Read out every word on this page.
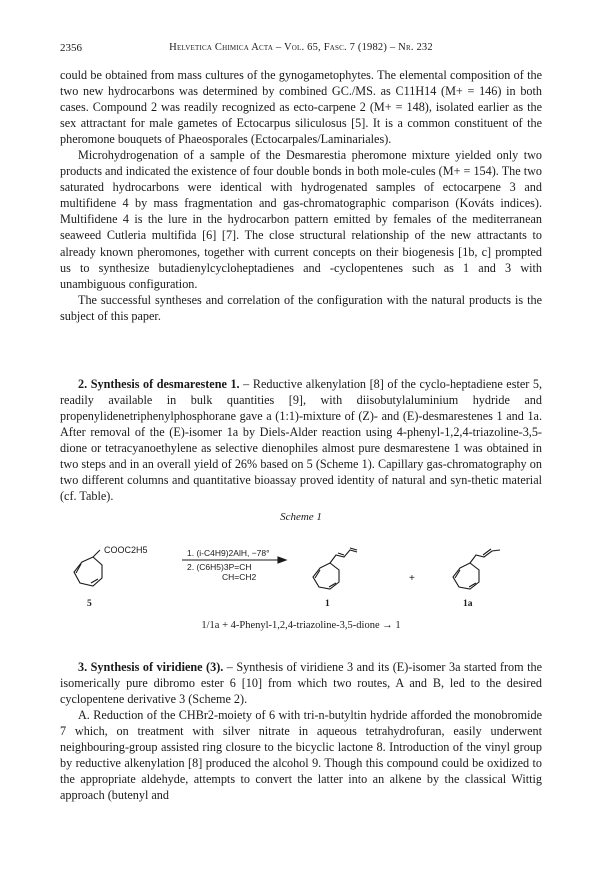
2356	Helvetica Chimica Acta – Vol. 65, Fasc. 7 (1982) – Nr. 232

could be obtained from mass cultures of the gynogametophytes. The elemental composition of the two new hydrocarbons was determined by combined GC./MS. as C11H14 (M+ = 146) in both cases. Compound 2 was readily recognized as ecto-carpene 2 (M+ = 148), isolated earlier as the sex attractant for male gametes of Ectocarpus siliculosus [5]. It is a common constituent of the pheromone bouquets of Phaeosporales (Ectocarpales/Laminariales).

Microhydrogenation of a sample of the Desmarestia pheromone mixture yielded only two products and indicated the existence of four double bonds in both mole-cules (M+ = 154). The two saturated hydrocarbons were identical with hydrogenated samples of ectocarpene 3 and multifidene 4 by mass fragmentation and gas-chromatographic comparison (Kováts indices). Multifidene 4 is the lure in the hydrocarbon pattern emitted by females of the mediterranean seaweed Cutleria multifida [6] [7]. The close structural relationship of the new attractants to already known pheromones, together with current concepts on their biogenesis [1b, c] prompted us to synthesize butadienylcycloheptadienes and -cyclopentenes such as 1 and 3 with unambiguous configuration.

The successful syntheses and correlation of the configuration with the natural products is the subject of this paper.

2. Synthesis of desmarestene 1. – Reductive alkenylation [8] of the cyclo-heptadiene ester 5, readily available in bulk quantities [9], with diisobutylaluminium hydride and propenylidenetriphenylphosphorane gave a (1:1)-mixture of (Z)- and (E)-desmarestenes 1 and 1a. After removal of the (E)-isomer 1a by Diels-Alder reaction using 4-phenyl-1,2,4-triazoline-3,5-dione or tetracyanoethylene as selective dienophiles almost pure desmarestene 1 was obtained in two steps and in an overall yield of 26% based on 5 (Scheme 1). Capillary gas-chromatography on two different columns and quantitative bioassay proved identity of natural and syn-thetic material (cf. Table).

Scheme 1
COOC2H5	1. (i-C4H9)2AlH, −78°
2. (C6H5)3P=CH
CH=CH2	+
5	1	1a
1/1a + 4-Phenyl-1,2,4-triazoline-3,5-dione → 1

3. Synthesis of viridiene (3). – Synthesis of viridiene 3 and its (E)-isomer 3a started from the isomerically pure dibromo ester 6 [10] from which two routes, A and B, led to the desired cyclopentene derivative 3 (Scheme 2).

A. Reduction of the CHBr2-moiety of 6 with tri-n-butyltin hydride afforded the monobromide 7 which, on treatment with silver nitrate in aqueous tetrahydrofuran, easily underwent neighbouring-group assisted ring closure to the bicyclic lactone 8. Introduction of the vinyl group by reductive alkenylation [8] produced the alcohol 9. Though this compound could be oxidized to the appropriate aldehyde, attempts to convert the latter into an alkene by the classical Wittig approach (butenyl and
